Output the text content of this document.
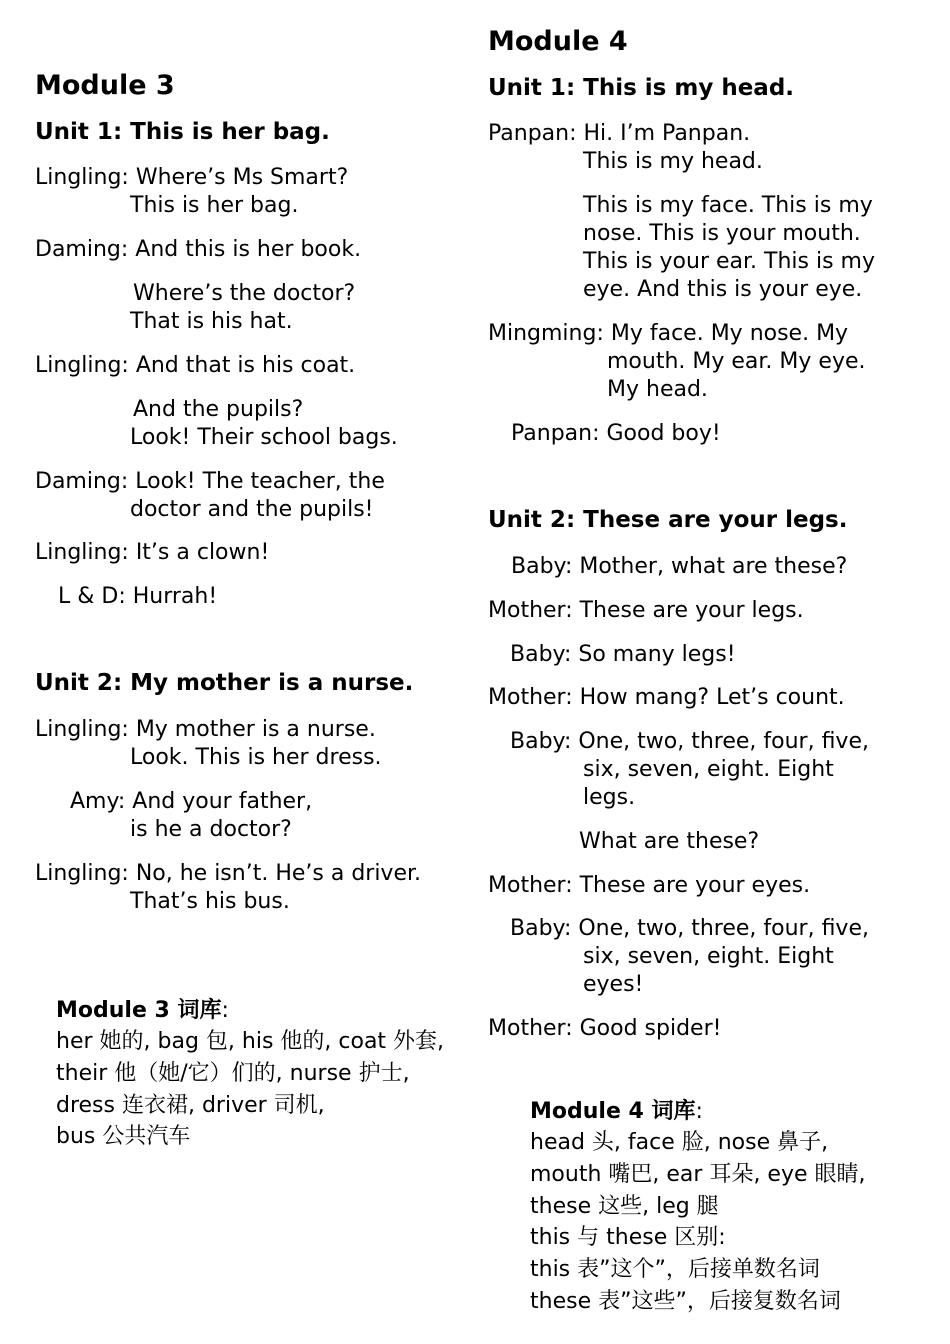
Module 3
Unit 1: This is her bag.
Lingling: Where’s Ms Smart?
This is her bag.
Daming: And this is her book.
Where’s the doctor?
That is his hat.
Lingling: And that is his coat.
And the pupils?
Look! Their school bags.
Daming: Look! The teacher, the
doctor and the pupils!
Lingling: It’s a clown!
L & D: Hurrah!
Unit 2: My mother is a nurse.
Lingling: My mother is a nurse.
Look. This is her dress.
Amy: And your father,
is he a doctor?
Lingling: No, he isn’t. He’s a driver.
That’s his bus.
Module 3 词库:
her 她的, bag 包, his 他的, coat 外套,
their 他（她/它）们的, nurse 护士,
dress 连衣裙, driver 司机,
bus 公共汽车
Module 4
Unit 1: This is my head.
Panpan: Hi. I’m Panpan.
This is my head.
This is my face. This is my
nose. This is your mouth.
This is your ear. This is my
eye. And this is your eye.
Mingming: My face. My nose. My
mouth. My ear. My eye.
My head.
Panpan: Good boy!
Unit 2: These are your legs.
Baby: Mother, what are these?
Mother: These are your legs.
Baby: So many legs!
Mother: How mang? Let’s count.
Baby: One, two, three, four, five,
six, seven, eight. Eight
legs.
What are these?
Mother: These are your eyes.
Baby: One, two, three, four, five,
six, seven, eight. Eight
eyes!
Mother: Good spider!
Module 4 词库:
head 头, face 脸, nose 鼻子,
mouth 嘴巴, ear 耳朵, eye 眼睛,
these 这些, leg 腿
this 与 these 区别:
this 表”这个”，后接单数名词
these 表”这些”，后接复数名词
